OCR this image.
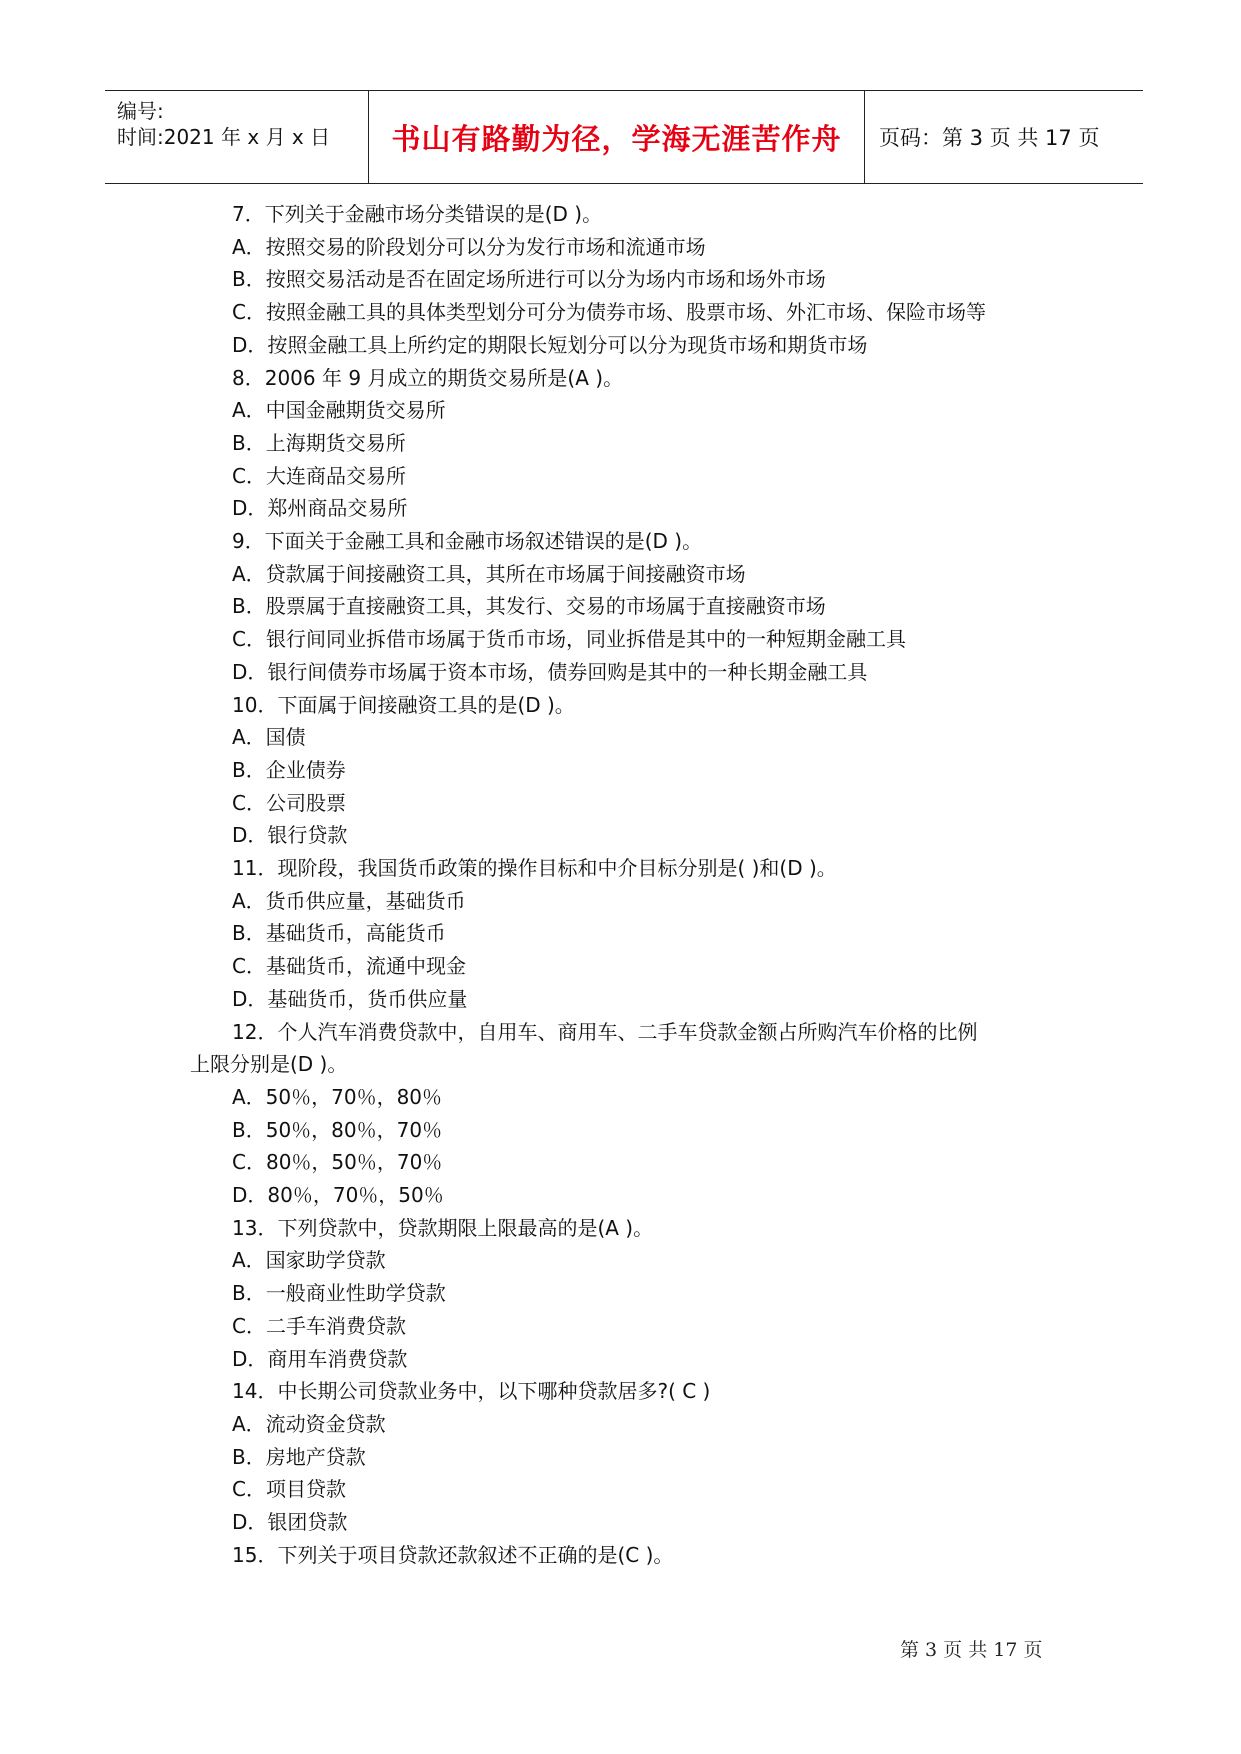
编号:
时间:2021 年 x 月 x 日 书山有路勤为径，学海无涯苦作舟 页码：第 3 页 共 17 页
7．下列关于金融市场分类错误的是(D )。
A．按照交易的阶段划分可以分为发行市场和流通市场
B．按照交易活动是否在固定场所进行可以分为场内市场和场外市场
C．按照金融工具的具体类型划分可分为债券市场、股票市场、外汇市场、保险市场等
D．按照金融工具上所约定的期限长短划分可以分为现货市场和期货市场
8．2006 年 9 月成立的期货交易所是(A )。
A．中国金融期货交易所
B．上海期货交易所
C．大连商品交易所
D．郑州商品交易所
9．下面关于金融工具和金融市场叙述错误的是(D )。
A．贷款属于间接融资工具，其所在市场属于间接融资市场
B．股票属于直接融资工具，其发行、交易的市场属于直接融资市场
C．银行间同业拆借市场属于货币市场，同业拆借是其中的一种短期金融工具
D．银行间债券市场属于资本市场，债券回购是其中的一种长期金融工具
10．下面属于间接融资工具的是(D )。
A．国债
B．企业债券
C．公司股票
D．银行贷款
11．现阶段，我国货币政策的操作目标和中介目标分别是( )和(D )。
A．货币供应量，基础货币
B．基础货币，高能货币
C．基础货币，流通中现金
D．基础货币，货币供应量
12．个人汽车消费贷款中，自用车、商用车、二手车贷款金额占所购汽车价格的比例
上限分别是(D )。
A．50％，70％，80％
B．50％，80％，70％
C．80％，50％，70％
D．80％，70％，50％
13．下列贷款中，贷款期限上限最高的是(A )。
A．国家助学贷款
B．一般商业性助学贷款
C．二手车消费贷款
D．商用车消费贷款
14．中长期公司贷款业务中，以下哪种贷款居多?( C )
A．流动资金贷款
B．房地产贷款
C．项目贷款
D．银团贷款
15．下列关于项目贷款还款叙述不正确的是(C )。
第 3 页 共 17 页
